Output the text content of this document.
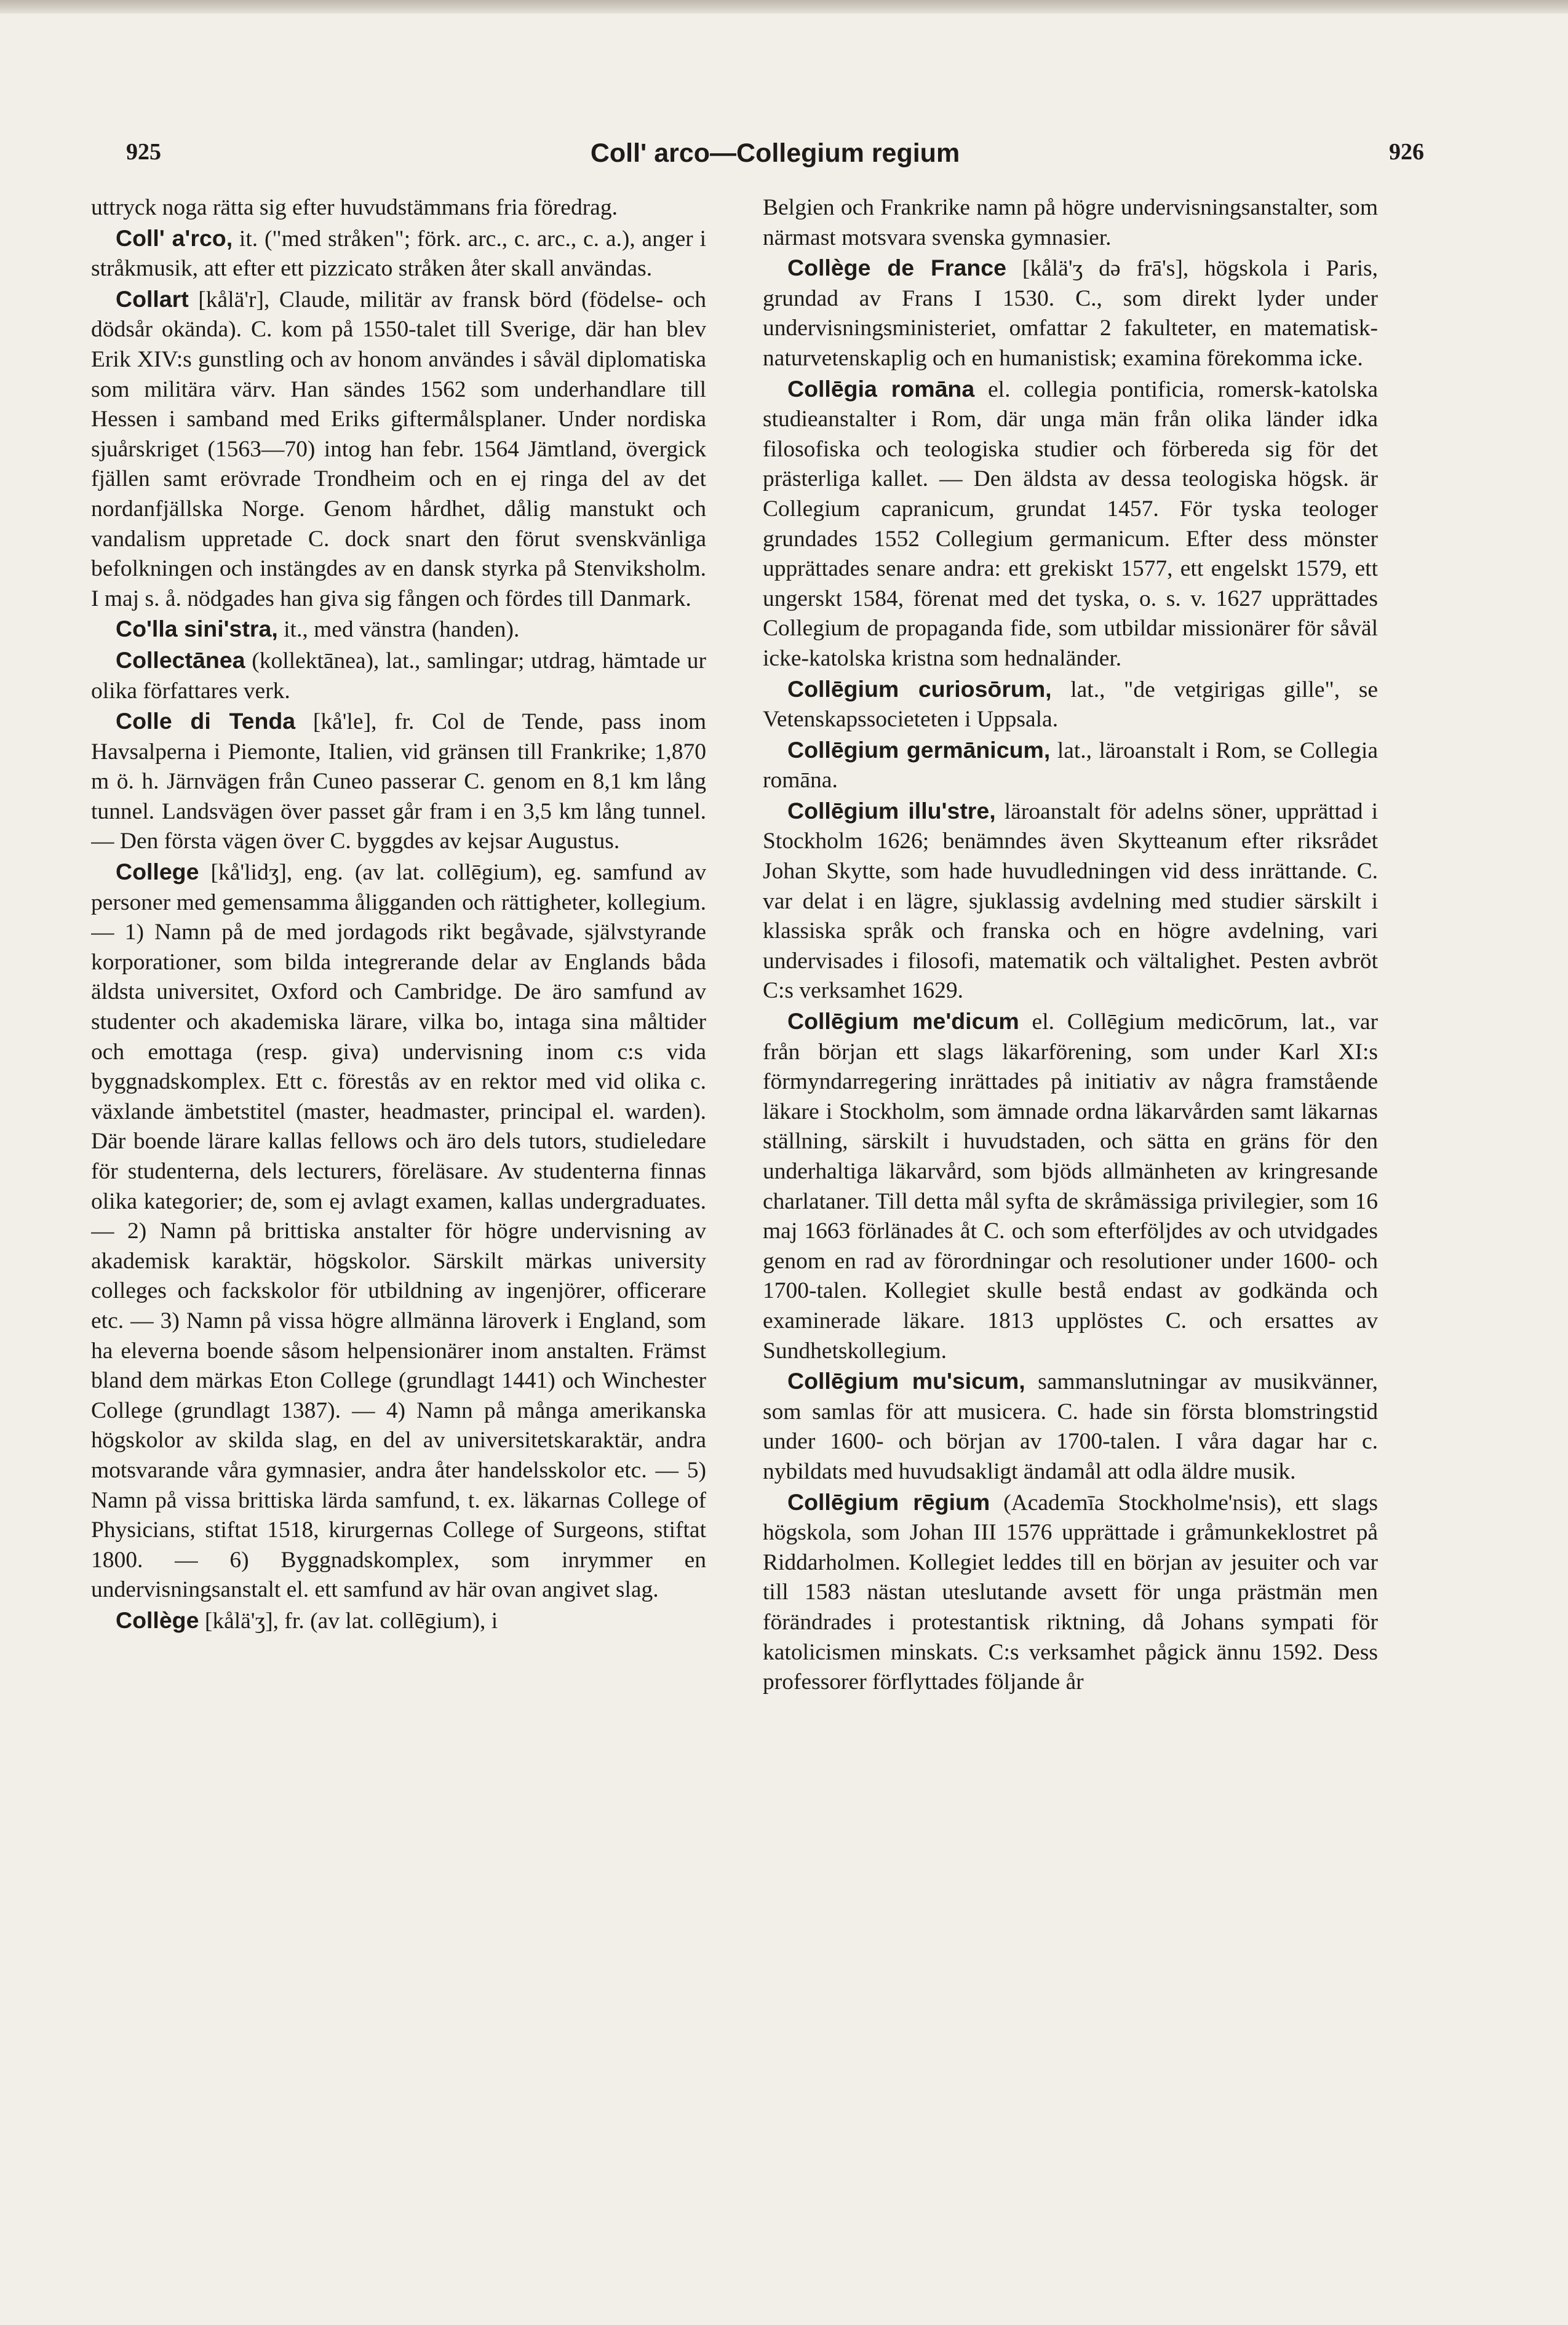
925	Coll' arco—Collegium regium	926

uttryck noga rätta sig efter huvudstämmans fria föredrag.

Coll' a'rco, it. ("med stråken"; förk. arc., c. arc., c. a.), anger i stråkmusik, att efter ett pizzicato stråken åter skall användas.

Collart [kålä'r], Claude, militär av fransk börd (födelse- och dödsår okända). C. kom på 1550-talet till Sverige, där han blev Erik XIV:s gunstling och av honom användes i såväl diplomatiska som militära värv. Han sändes 1562 som underhandlare till Hessen i samband med Eriks giftermålsplaner. Under nordiska sjuårskriget (1563—70) intog han febr. 1564 Jämtland, övergick fjällen samt erövrade Trondheim och en ej ringa del av det nordanfjällska Norge. Genom hårdhet, dålig manstukt och vandalism uppretade C. dock snart den förut svenskvänliga befolkningen och instängdes av en dansk styrka på Stenviksholm. I maj s. å. nödgades han giva sig fången och fördes till Danmark.

Co'lla sini'stra, it., med vänstra (handen).

Collectānea (kollektānea), lat., samlingar; utdrag, hämtade ur olika författares verk.

Colle di Tenda [kå'le], fr. Col de Tende, pass inom Havsalperna i Piemonte, Italien, vid gränsen till Frankrike; 1,870 m ö. h. Järnvägen från Cuneo passerar C. genom en 8,1 km lång tunnel. Landsvägen över passet går fram i en 3,5 km lång tunnel. — Den första vägen över C. byggdes av kejsar Augustus.

College [kå'lidʒ], eng. (av lat. collēgium), eg. samfund av personer med gemensamma åligganden och rättigheter, kollegium. — 1) Namn på de med jordagods rikt begåvade, självstyrande korporationer, som bilda integrerande delar av Englands båda äldsta universitet, Oxford och Cambridge. De äro samfund av studenter och akademiska lärare, vilka bo, intaga sina måltider och emottaga (resp. giva) undervisning inom c:s vida byggnadskomplex. Ett c. förestås av en rektor med vid olika c. växlande ämbetstitel (master, headmaster, principal el. warden). Där boende lärare kallas fellows och äro dels tutors, studieledare för studenterna, dels lecturers, föreläsare. Av studenterna finnas olika kategorier; de, som ej avlagt examen, kallas undergraduates. — 2) Namn på brittiska anstalter för högre undervisning av akademisk karaktär, högskolor. Särskilt märkas university colleges och fackskolor för utbildning av ingenjörer, officerare etc. — 3) Namn på vissa högre allmänna läroverk i England, som ha eleverna boende såsom helpensionärer inom anstalten. Främst bland dem märkas Eton College (grundlagt 1441) och Winchester College (grundlagt 1387). — 4) Namn på många amerikanska högskolor av skilda slag, en del av universitetskaraktär, andra motsvarande våra gymnasier, andra åter handelsskolor etc. — 5) Namn på vissa brittiska lärda samfund, t. ex. läkarnas College of Physicians, stiftat 1518, kirurgernas College of Surgeons, stiftat 1800. — 6) Byggnadskomplex, som inrymmer en undervisningsanstalt el. ett samfund av här ovan angivet slag.

Collège [kålä'ʒ], fr. (av lat. collēgium), i

Belgien och Frankrike namn på högre undervisningsanstalter, som närmast motsvara svenska gymnasier.

Collège de France [kålä'ʒ də frā's], högskola i Paris, grundad av Frans I 1530. C., som direkt lyder under undervisningsministeriet, omfattar 2 fakulteter, en matematisk-naturvetenskaplig och en humanistisk; examina förekomma icke.

Collēgia romāna el. collegia pontificia, romersk-katolska studieanstalter i Rom, där unga män från olika länder idka filosofiska och teologiska studier och förbereda sig för det prästerliga kallet. — Den äldsta av dessa teologiska högsk. är Collegium capranicum, grundat 1457. För tyska teologer grundades 1552 Collegium germanicum. Efter dess mönster upprättades senare andra: ett grekiskt 1577, ett engelskt 1579, ett ungerskt 1584, förenat med det tyska, o. s. v. 1627 upprättades Collegium de propaganda fide, som utbildar missionärer för såväl icke-katolska kristna som hednaländer.

Collēgium curiosōrum, lat., "de vetgirigas gille", se Vetenskapssocieteten i Uppsala.

Collēgium germānicum, lat., läroanstalt i Rom, se Collegia romāna.

Collēgium illu'stre, läroanstalt för adelns söner, upprättad i Stockholm 1626; benämndes även Skytteanum efter riksrådet Johan Skytte, som hade huvudledningen vid dess inrättande. C. var delat i en lägre, sjuklassig avdelning med studier särskilt i klassiska språk och franska och en högre avdelning, vari undervisades i filosofi, matematik och vältalighet. Pesten avbröt C:s verksamhet 1629.

Collēgium me'dicum el. Collēgium medicōrum, lat., var från början ett slags läkarförening, som under Karl XI:s förmyndarregering inrättades på initiativ av några framstående läkare i Stockholm, som ämnade ordna läkarvården samt läkarnas ställning, särskilt i huvudstaden, och sätta en gräns för den underhaltiga läkarvård, som bjöds allmänheten av kringresande charlataner. Till detta mål syfta de skråmässiga privilegier, som 16 maj 1663 förlänades åt C. och som efterföljdes av och utvidgades genom en rad av förordningar och resolutioner under 1600- och 1700-talen. Kollegiet skulle bestå endast av godkända och examinerade läkare. 1813 upplöstes C. och ersattes av Sundhetskollegium.

Collēgium mu'sicum, sammanslutningar av musikvänner, som samlas för att musicera. C. hade sin första blomstringstid under 1600- och början av 1700-talen. I våra dagar har c. nybildats med huvudsakligt ändamål att odla äldre musik.

Collēgium rēgium (Academīa Stockholme'nsis), ett slags högskola, som Johan III 1576 upprättade i gråmunkeklostret på Riddarholmen. Kollegiet leddes till en början av jesuiter och var till 1583 nästan uteslutande avsett för unga prästmän men förändrades i protestantisk riktning, då Johans sympati för katolicismen minskats. C:s verksamhet pågick ännu 1592. Dess professorer förflyttades följande år
